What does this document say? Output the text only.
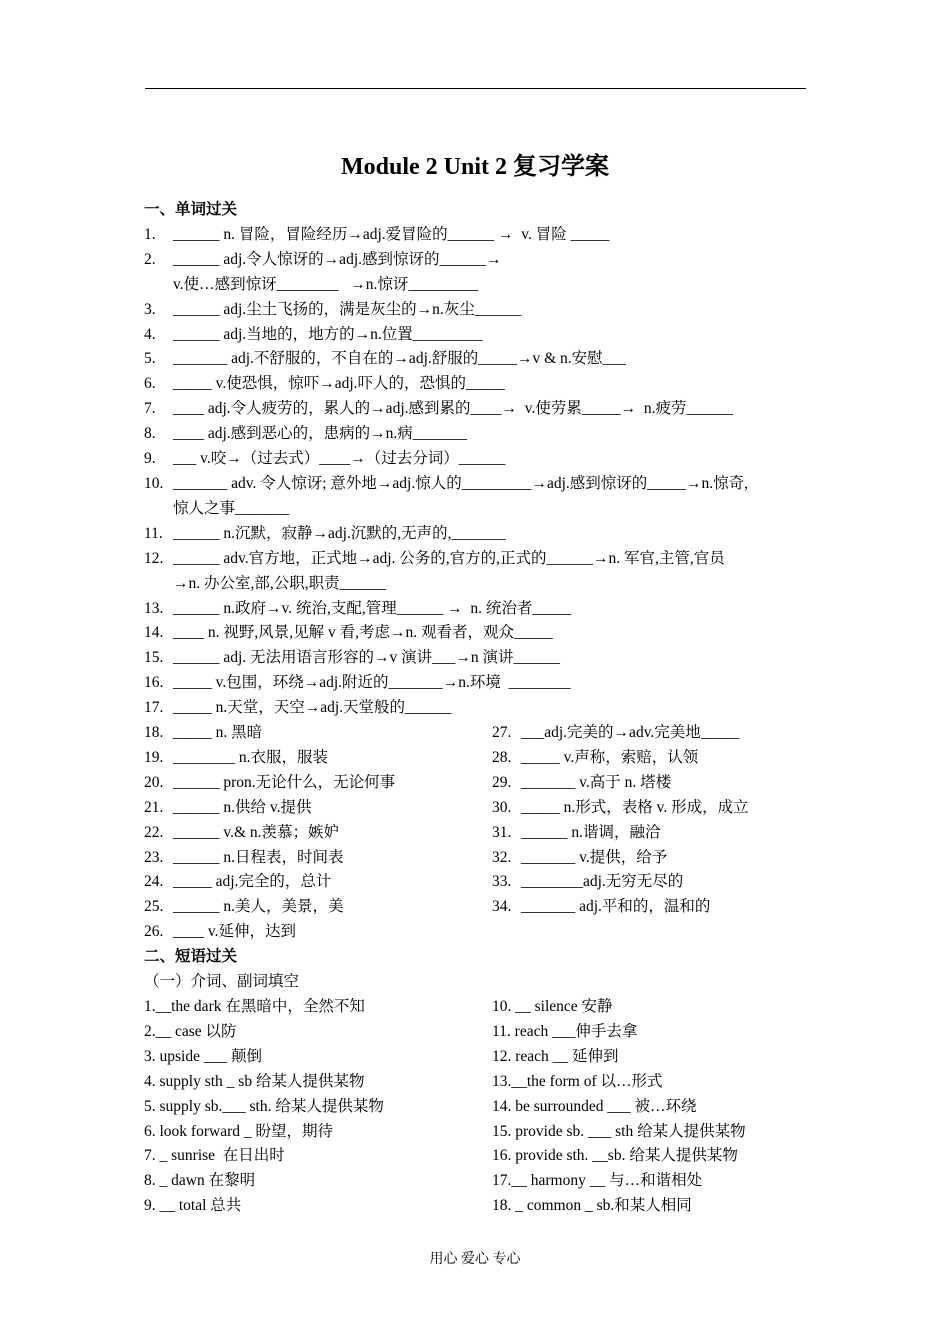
Module 2 Unit 2 复习学案
一、单词过关
1.	______ n. 冒险，冒险经历→adj.爱冒险的______ →  v. 冒险 _____
2.	______ adj.令人惊讶的→adj.感到惊讶的______→
v.使…感到惊讶________   →n.惊讶_________
3.	______ adj.尘土飞扬的，满是灰尘的→n.灰尘______
4.	______ adj.当地的，地方的→n.位置_________
5.	_______ adj.不舒服的，不自在的→adj.舒服的_____→v & n.安慰___
6.	_____ v.使恐惧，惊吓→adj.吓人的，恐惧的_____
7.	____ adj.令人疲劳的，累人的→adj.感到累的____→  v.使劳累_____→  n.疲劳______
8.	____ adj.感到恶心的，患病的→n.病_______
9.	___ v.咬→（过去式）____→（过去分词）______
10. _______ adv. 令人惊讶; 意外地→adj.惊人的_________→adj.感到惊讶的_____→n.惊奇,
惊人之事_______
11. ______ n.沉默，寂静→adj.沉默的,无声的,_______
12. ______ adv.官方地，正式地→adj. 公务的,官方的,正式的______→n. 军官,主管,官员
→n. 办公室,部,公职,职责______
13. ______ n.政府→v. 统治,支配,管理______ →  n. 统治者_____
14. ____ n. 视野,风景,见解 v 看,考虑→n. 观看者，观众_____
15. ______ adj. 无法用语言形容的→v 演讲___→n 演讲______
16. _____ v.包围，环绕→adj.附近的_______→n.环境  ________
17. _____ n.天堂，天空→adj.天堂般的______
18. _____ n. 黑暗
19. ________ n.衣服，服装
20. ______ pron.无论什么，无论何事
21. ______ n.供给 v.提供
22. ______ v.& n.羡慕；嫉妒
23. ______ n.日程表，时间表
24. _____ adj.完全的，总计
25. ______ n.美人，美景，美
26. ____ v.延伸，达到
27. ___adj.完美的→adv.完美地_____
28. _____ v.声称，索赔，认领
29. _______ v.高于 n. 塔楼
30. _____ n.形式，表格 v. 形成，成立
31. ______ n.谐调，融洽
32. _______ v.提供，给予
33. ________adj.无穷无尽的
34. _______ adj.平和的，温和的
二、短语过关
（一）介词、副词填空
1.__the dark 在黑暗中，全然不知
2.__ case 以防
3. upside ___ 颠倒
4. supply sth _ sb 给某人提供某物
5. supply sb.___ sth. 给某人提供某物
6. look forward _ 盼望，期待
7. _ sunrise  在日出时
8. _ dawn 在黎明
9. __ total 总共
10. __ silence 安静
11. reach ___伸手去拿
12. reach __ 延伸到
13.__the form of 以…形式
14. be surrounded ___ 被…环绕
15. provide sb. ___ sth 给某人提供某物
16. provide sth. __sb. 给某人提供某物
17.__ harmony __ 与…和谐相处
18. _ common _ sb.和某人相同
用心 爱心 专心
